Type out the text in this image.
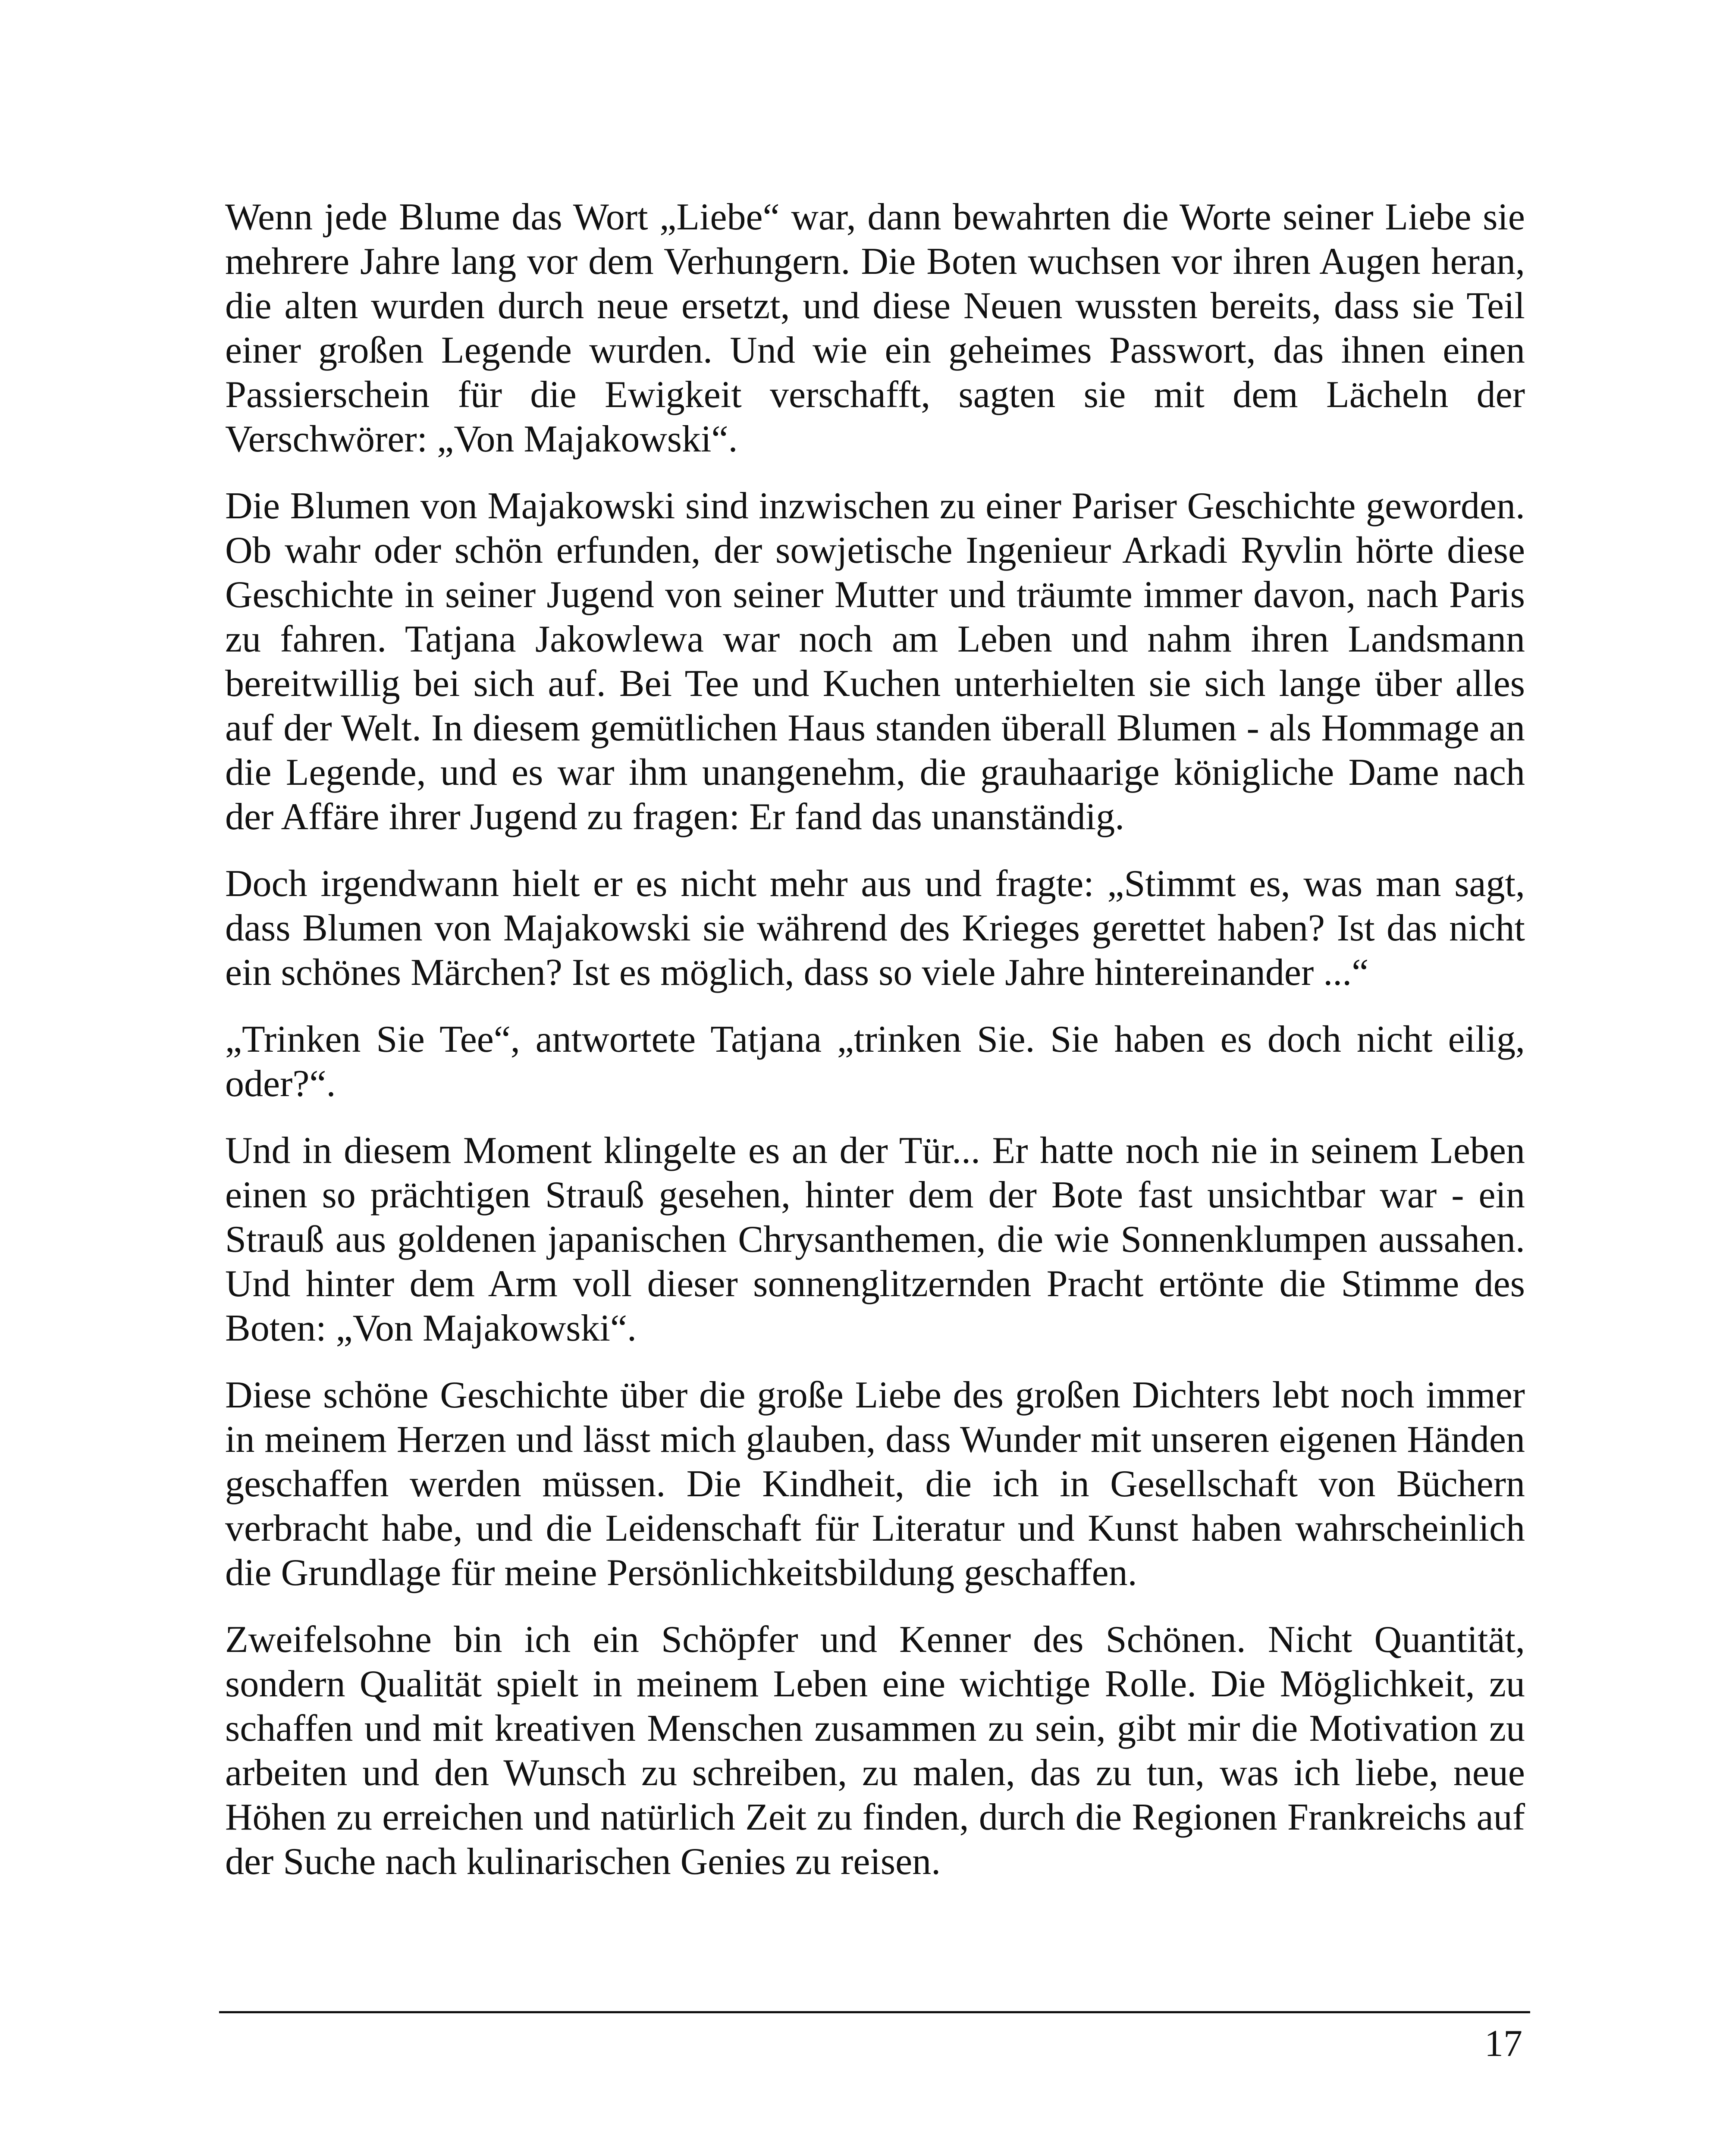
Wenn jede Blume das Wort „Liebe“ war, dann bewahrten die Worte seiner Liebe sie mehrere Jahre lang vor dem Verhungern. Die Boten wuchsen vor ihren Augen heran, die alten wurden durch neue ersetzt, und diese Neuen wussten bereits, dass sie Teil einer großen Legende wurden. Und wie ein geheimes Passwort, das ihnen einen Passierschein für die Ewigkeit verschafft, sagten sie mit dem Lächeln der Verschwörer: „Von Majakowski“.

Die Blumen von Majakowski sind inzwischen zu einer Pariser Geschichte geworden. Ob wahr oder schön erfunden, der sowjetische Ingenieur Arkadi Ryvlin hörte diese Geschichte in seiner Jugend von seiner Mutter und träumte immer davon, nach Paris zu fahren. Tatjana Jakowlewa war noch am Leben und nahm ihren Landsmann bereitwillig bei sich auf. Bei Tee und Kuchen unterhielten sie sich lange über alles auf der Welt. In diesem gemütlichen Haus standen überall Blumen - als Hommage an die Legende, und es war ihm unangenehm, die grauhaarige königliche Dame nach der Affäre ihrer Jugend zu fragen: Er fand das unanständig.

Doch irgendwann hielt er es nicht mehr aus und fragte: „Stimmt es, was man sagt, dass Blumen von Majakowski sie während des Krieges gerettet haben? Ist das nicht ein schönes Märchen? Ist es möglich, dass so viele Jahre hintereinander ...“

„Trinken Sie Tee“, antwortete Tatjana „trinken Sie. Sie haben es doch nicht eilig, oder?“.

Und in diesem Moment klingelte es an der Tür... Er hatte noch nie in seinem Leben einen so prächtigen Strauß gesehen, hinter dem der Bote fast unsichtbar war - ein Strauß aus goldenen japanischen Chrysanthemen, die wie Sonnenklumpen aussahen. Und hinter dem Arm voll dieser sonnenglitzernden Pracht ertönte die Stimme des Boten: „Von Majakowski“.

Diese schöne Geschichte über die große Liebe des großen Dichters lebt noch immer in meinem Herzen und lässt mich glauben, dass Wunder mit unseren eigenen Händen geschaffen werden müssen. Die Kindheit, die ich in Gesellschaft von Büchern verbracht habe, und die Leidenschaft für Literatur und Kunst haben wahrscheinlich die Grundlage für meine Persönlichkeitsbildung geschaffen.

Zweifelsohne bin ich ein Schöpfer und Kenner des Schönen. Nicht Quantität, sondern Qualität spielt in meinem Leben eine wichtige Rolle. Die Möglichkeit, zu schaffen und mit kreativen Menschen zusammen zu sein, gibt mir die Motivation zu arbeiten und den Wunsch zu schreiben, zu malen, das zu tun, was ich liebe, neue Höhen zu erreichen und natürlich Zeit zu finden, durch die Regionen Frankreichs auf der Suche nach kulinarischen Genies zu reisen.

17
